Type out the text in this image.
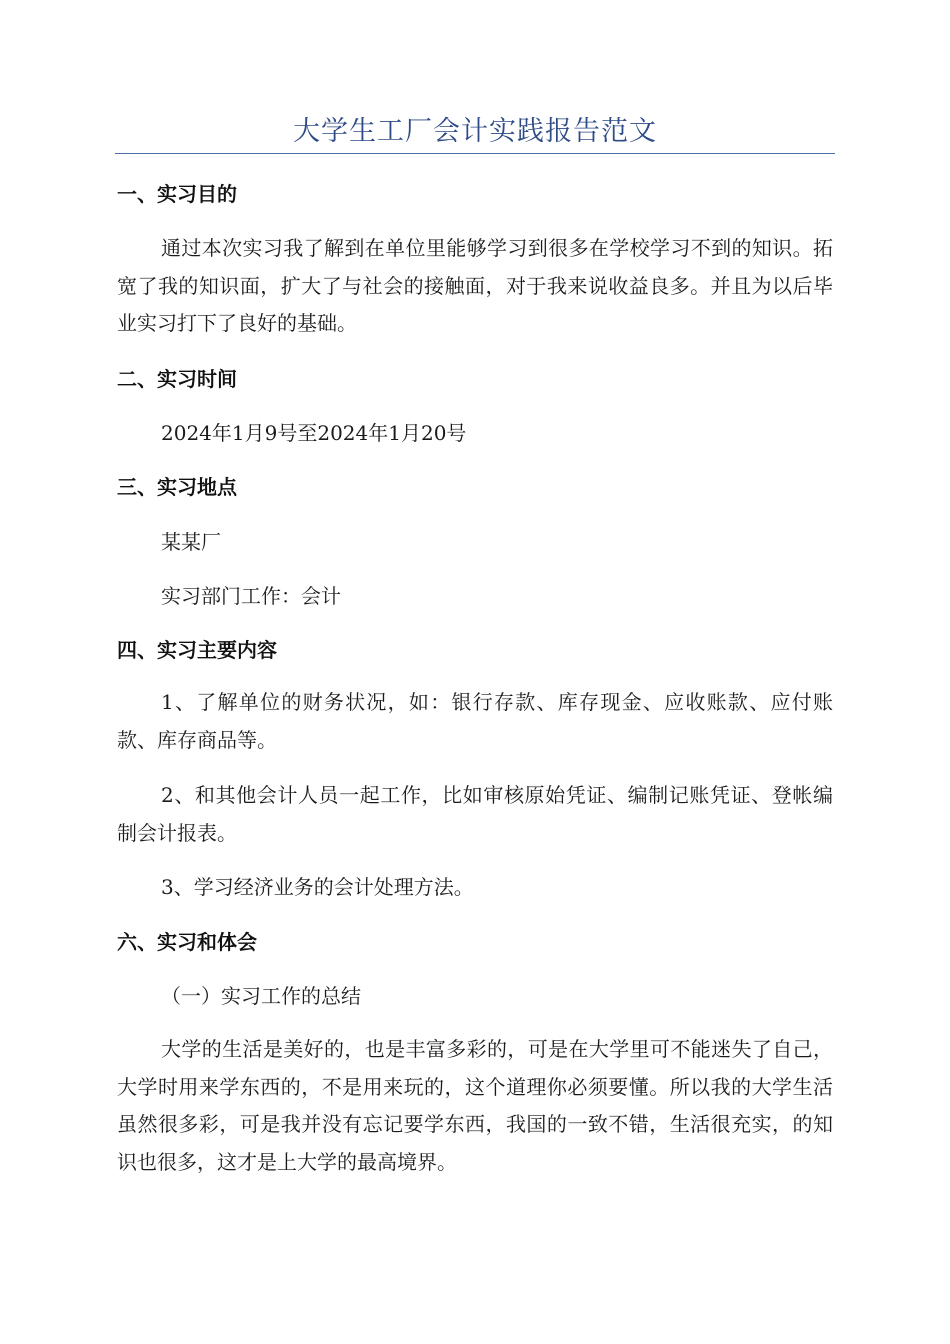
大学生工厂会计实践报告范文
一、实习目的
通过本次实习我了解到在单位里能够学习到很多在学校学习不到的知识。拓宽了我的知识面，扩大了与社会的接触面，对于我来说收益良多。并且为以后毕业实习打下了良好的基础。
二、实习时间
2024年1月9号至2024年1月20号
三、实习地点
某某厂
实习部门工作：会计
四、实习主要内容
1、了解单位的财务状况，如：银行存款、库存现金、应收账款、应付账款、库存商品等。
2、和其他会计人员一起工作，比如审核原始凭证、编制记账凭证、登帐编制会计报表。
3、学习经济业务的会计处理方法。
六、实习和体会
（一）实习工作的总结
大学的生活是美好的，也是丰富多彩的，可是在大学里可不能迷失了自己，大学时用来学东西的，不是用来玩的，这个道理你必须要懂。所以我的大学生活虽然很多彩，可是我并没有忘记要学东西，我国的一致不错，生活很充实，的知识也很多，这才是上大学的最高境界。
